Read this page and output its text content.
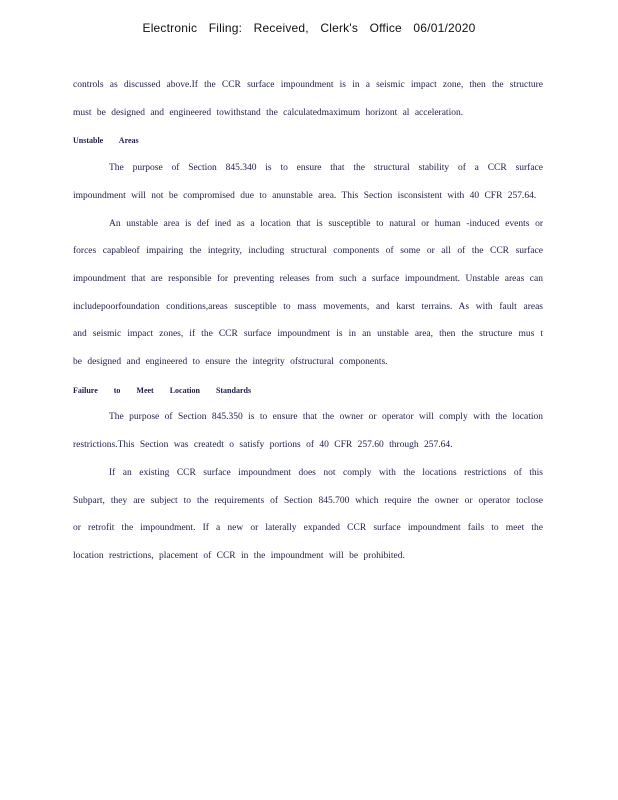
Electronic Filing: Received, Clerk's Office 06/01/2020

controls as discussed above.If the CCR surface impoundment is in a seismic impact zone, then the structure must be designed and engineered towithstand the calculatedmaximum horizont al acceleration.

Unstable Areas

The purpose of Section 845.340 is to ensure that the structural stability of a CCR surface impoundment will not be compromised due to anunstable area. This Section isconsistent with 40 CFR 257.64.

An unstable area is def ined as a location that is susceptible to natural or human -induced events or forces capableof impairing the integrity, including structural components of some or all of the CCR surface impoundment that are responsible for preventing releases from such a surface impoundment. Unstable areas can includepoorfoundation conditions,areas susceptible to mass movements, and karst terrains. As with fault areas and seismic impact zones, if the CCR surface impoundment is in an unstable area, then the structure mus t be designed and engineered to ensure the integrity ofstructural components.

Failure to Meet Location Standards

The purpose of Section 845.350 is to ensure that the owner or operator will comply with the location restrictions.This Section was createdt o satisfy portions of 40 CFR 257.60 through 257.64.

If an existing CCR surface impoundment does not comply with the locations restrictions of this Subpart, they are subject to the requirements of Section 845.700 which require the owner or operator toclose or retrofit the impoundment. If a new or laterally expanded CCR surface impoundment fails to meet the location restrictions, placement of CCR in the impoundment will be prohibited.
